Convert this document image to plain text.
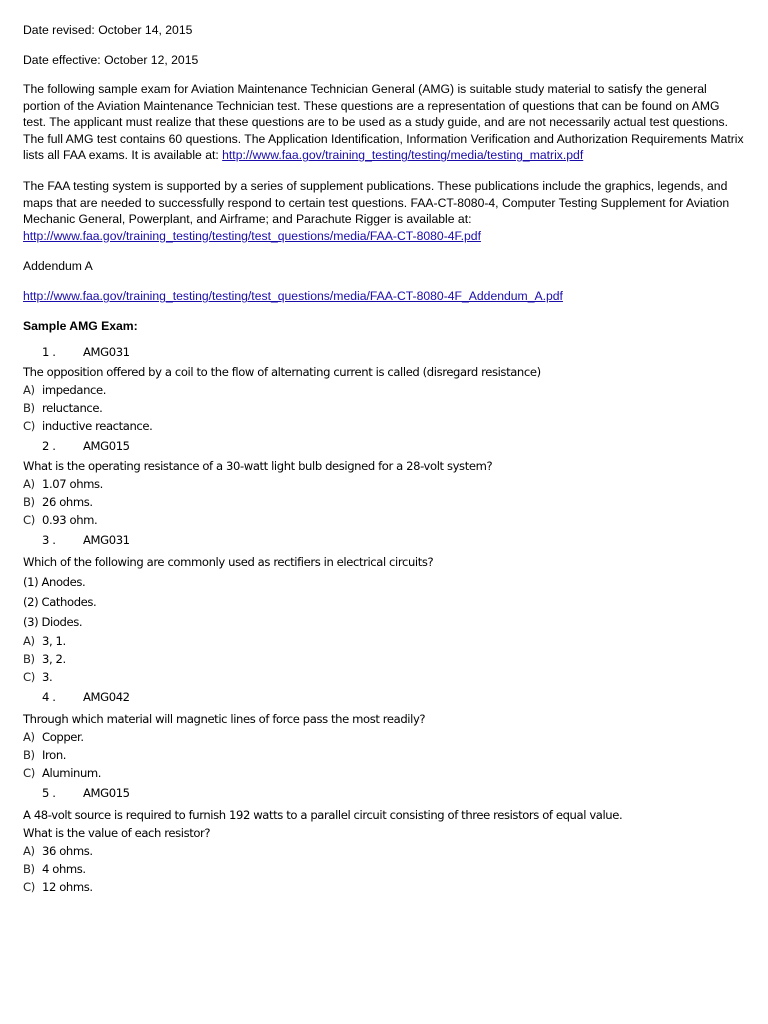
Date revised: October 14, 2015

Date effective: October 12, 2015

The following sample exam for Aviation Maintenance Technician General (AMG) is suitable study material to satisfy the general portion of the Aviation Maintenance Technician test. These questions are a representation of questions that can be found on AMG test. The applicant must realize that these questions are to be used as a study guide, and are not necessarily actual test questions. The full AMG test contains 60 questions. The Application Identification, Information Verification and Authorization Requirements Matrix lists all FAA exams. It is available at: http://www.faa.gov/training_testing/testing/media/testing_matrix.pdf

The FAA testing system is supported by a series of supplement publications. These publications include the graphics, legends, and maps that are needed to successfully respond to certain test questions. FAA-CT-8080-4, Computer Testing Supplement for Aviation Mechanic General, Powerplant, and Airframe; and Parachute Rigger is available at:
http://www.faa.gov/training_testing/testing/test_questions/media/FAA-CT-8080-4F.pdf

Addendum A

http://www.faa.gov/training_testing/testing/test_questions/media/FAA-CT-8080-4F_Addendum_A.pdf

Sample AMG Exam:

1 .	AMG031

The opposition offered by a coil to the flow of alternating current is called (disregard resistance)

A) impedance.

B) reluctance.

C) inductive reactance.

2 .	AMG015

What is the operating resistance of a 30-watt light bulb designed for a 28-volt system?

A) 1.07 ohms.

B) 26 ohms.

C) 0.93 ohm.

3 .	AMG031

Which of the following are commonly used as rectifiers in electrical circuits?

(1) Anodes.

(2) Cathodes.

(3) Diodes.

A) 3, 1.

B) 3, 2.

C) 3.

4 .	AMG042

Through which material will magnetic lines of force pass the most readily?

A) Copper.

B) Iron.

C) Aluminum.

5 .	AMG015

A 48-volt source is required to furnish 192 watts to a parallel circuit consisting of three resistors of equal value.

What is the value of each resistor?

A) 36 ohms.

B) 4 ohms.

C) 12 ohms.
